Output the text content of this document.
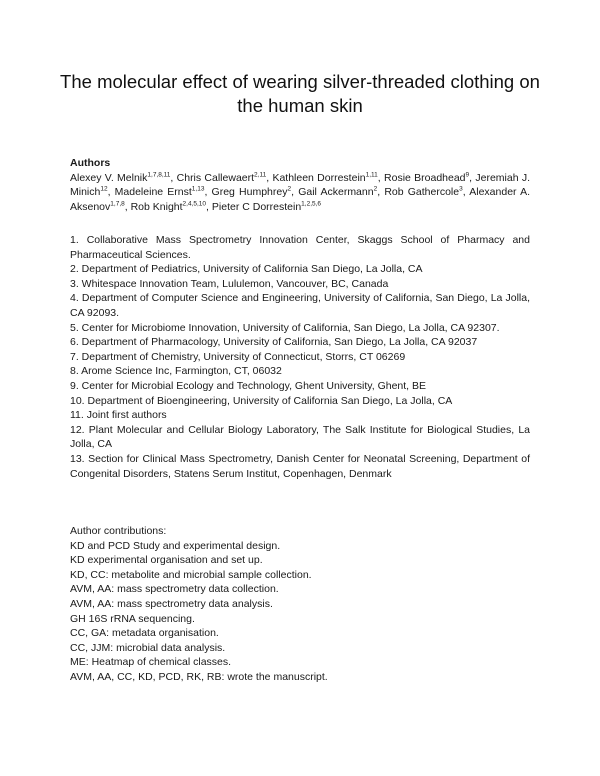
The molecular effect of wearing silver-threaded clothing on the human skin

Authors

Alexey V. Melnik$^{1,7,8,11}$, Chris Callewaert$^{2,11}$, Kathleen Dorrestein$^{1,11}$, Rosie Broadhead$^9$, Jeremiah J. Minich$^{12}$, Madeleine Ernst$^{1,13}$, Greg Humphrey$^2$, Gail Ackermann$^2$, Rob Gathercole$^3$, Alexander A. Aksenov$^{1,7,8}$, Rob Knight$^{2,4,5,10}$, Pieter C Dorrestein$^{1,2,5,6}$

1. Collaborative Mass Spectrometry Innovation Center, Skaggs School of Pharmacy and Pharmaceutical Sciences.

2. Department of Pediatrics, University of California San Diego, La Jolla, CA

3. Whitespace Innovation Team, Lululemon, Vancouver, BC, Canada

4. Department of Computer Science and Engineering, University of California, San Diego, La Jolla, CA 92093.

5. Center for Microbiome Innovation, University of California, San Diego, La Jolla, CA 92307.

6. Department of Pharmacology, University of California, San Diego, La Jolla, CA 92037

7. Department of Chemistry, University of Connecticut, Storrs, CT 06269

8. Arome Science Inc, Farmington, CT, 06032

9. Center for Microbial Ecology and Technology, Ghent University, Ghent, BE

10. Department of Bioengineering, University of California San Diego, La Jolla, CA

11. Joint first authors

12. Plant Molecular and Cellular Biology Laboratory, The Salk Institute for Biological Studies, La Jolla, CA

13. Section for Clinical Mass Spectrometry, Danish Center for Neonatal Screening, Department of Congenital Disorders, Statens Serum Institut, Copenhagen, Denmark

Author contributions:

KD and PCD Study and experimental design.

KD experimental organisation and set up.

KD, CC: metabolite and microbial sample collection.

AVM, AA: mass spectrometry data collection.

AVM, AA: mass spectrometry data analysis.

GH 16S rRNA sequencing.

CC, GA: metadata organisation.

CC, JJM: microbial data analysis.

ME: Heatmap of chemical classes.

AVM, AA, CC, KD, PCD, RK, RB: wrote the manuscript.
